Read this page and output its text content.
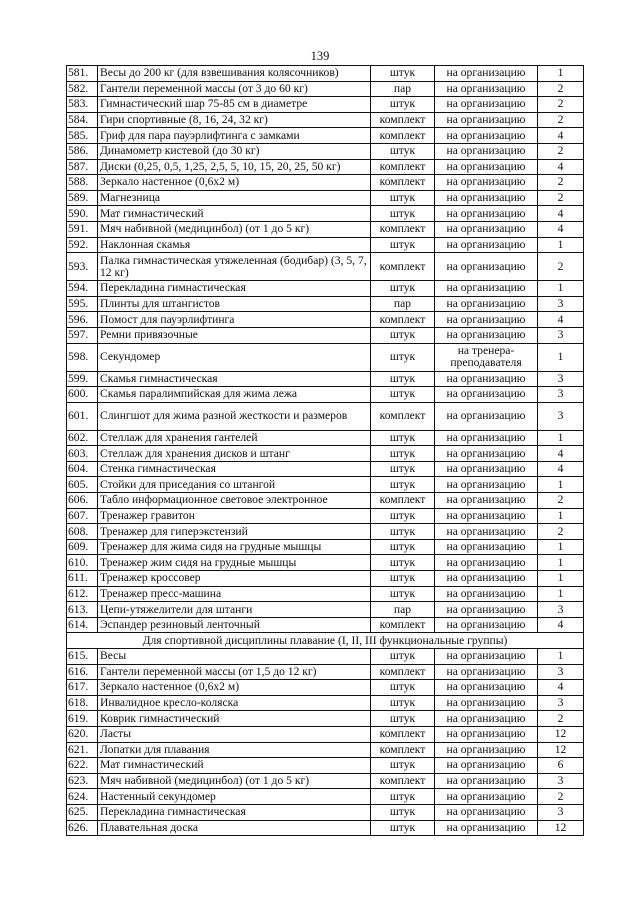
139
581.	Весы до 200 кг (для взвешивания колясочников)	штук	на организацию	1
582.	Гантели переменной массы (от 3 до 60 кг)	пар	на организацию	2
583.	Гимнастический шар 75-85 см в диаметре	штук	на организацию	2
584.	Гири спортивные (8, 16, 24, 32 кг)	комплект	на организацию	2
585.	Гриф для пара пауэрлифтинга с замками	комплект	на организацию	4
586.	Динамометр кистевой (до 30 кг)	штук	на организацию	2
587.	Диски (0,25, 0,5, 1,25, 2,5, 5, 10, 15, 20, 25, 50 кг)	комплект	на организацию	4
588.	Зеркало настенное (0,6x2 м)	комплект	на организацию	2
589.	Магнезница	штук	на организацию	2
590.	Мат гимнастический	штук	на организацию	4
591.	Мяч набивной (медицинбол) (от 1 до 5 кг)	комплект	на организацию	4
592.	Наклонная скамья	штук	на организацию	1
593.	Палка гимнастическая утяжеленная (бодибар) (3, 5, 7, 12 кг)	комплект	на организацию	2
594.	Перекладина гимнастическая	штук	на организацию	1
595.	Плинты для штангистов	пар	на организацию	3
596.	Помост для пауэрлифтинга	комплект	на организацию	4
597.	Ремни привязочные	штук	на организацию	3
598.	Секундомер	штук	на тренера-преподавателя	1
599.	Скамья гимнастическая	штук	на организацию	3
600.	Скамья паралимпийская для жима лежа	штук	на организацию	3
601.	Слингшот для жима разной жесткости и размеров	комплект	на организацию	3
602.	Стеллаж для хранения гантелей	штук	на организацию	1
603.	Стеллаж для хранения дисков и штанг	штук	на организацию	4
604.	Стенка гимнастическая	штук	на организацию	4
605.	Стойки для приседания со штангой	штук	на организацию	1
606.	Табло информационное световое электронное	комплект	на организацию	2
607.	Тренажер гравитон	штук	на организацию	1
608.	Тренажер для гиперэкстензий	штук	на организацию	2
609.	Тренажер для жима сидя на грудные мышцы	штук	на организацию	1
610.	Тренажер жим сидя на грудные мышцы	штук	на организацию	1
611.	Тренажер кроссовер	штук	на организацию	1
612.	Тренажер пресс-машина	штук	на организацию	1
613.	Цепи-утяжелители для штанги	пар	на организацию	3
614.	Эспандер резиновый ленточный	комплект	на организацию	4
Для спортивной дисциплины плавание (I, II, III функциональные группы)				
615.	Весы	штук	на организацию	1
616.	Гантели переменной массы (от 1,5 до 12 кг)	комплект	на организацию	3
617.	Зеркало настенное (0,6x2 м)	штук	на организацию	4
618.	Инвалидное кресло-коляска	штук	на организацию	3
619.	Коврик гимнастический	штук	на организацию	2
620.	Ласты	комплект	на организацию	12
621.	Лопатки для плавания	комплект	на организацию	12
622.	Мат гимнастический	штук	на организацию	6
623.	Мяч набивной (медицинбол) (от 1 до 5 кг)	комплект	на организацию	3
624.	Настенный секундомер	штук	на организацию	2
625.	Перекладина гимнастическая	штук	на организацию	3
626.	Плавательная доска	штук	на организацию	12
